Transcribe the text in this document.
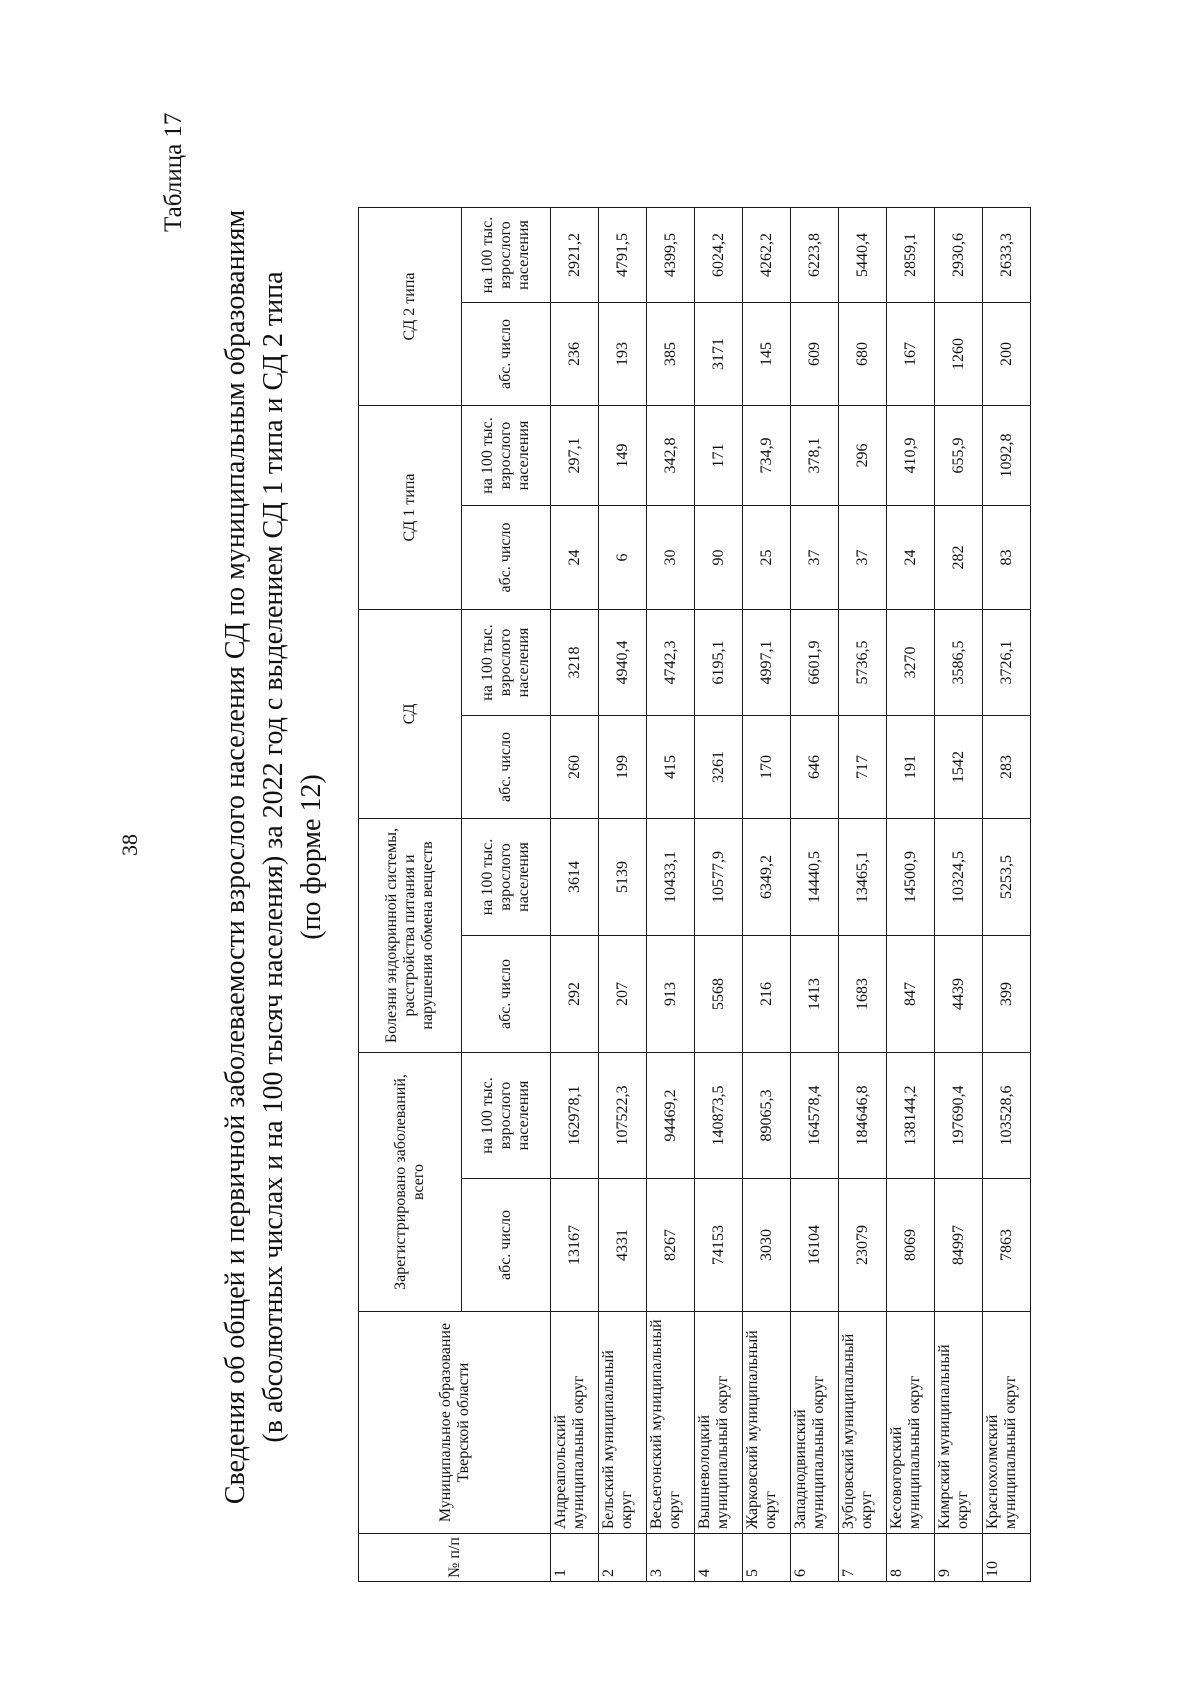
38
Таблица 17
Сведения об общей и первичной заболеваемости взрослого населения СД по муниципальным образованиям (в абсолютных числах и на 100 тысяч населения) за 2022 год с выделением СД 1 типа и СД 2 типа (по форме 12)
№ п/п	Муниципальное образование Тверской области	Зарегистрировано заболеваний, всего		Болезни эндокринной системы, расстройства питания и нарушения обмена веществ		СД		СД 1 типа		СД 2 типа	
		абс. число	на 100 тыс. взрослого населения	абс. число	на 100 тыс. взрослого населения	абс. число	на 100 тыс. взрослого населения	абс. число	на 100 тыс. взрослого населения	абс. число	на 100 тыс. взрослого населения
1	Андреапольский муниципальный округ	13167	162978,1	292	3614	260	3218	24	297,1	236	2921,2
2	Бельский муниципальный округ	4331	107522,3	207	5139	199	4940,4	6	149	193	4791,5
3	Весьегонский муниципальный округ	8267	94469,2	913	10433,1	415	4742,3	30	342,8	385	4399,5
4	Вышневолоцкий муниципальный округ	74153	140873,5	5568	10577,9	3261	6195,1	90	171	3171	6024,2
5	Жарковский муниципальный округ	3030	89065,3	216	6349,2	170	4997,1	25	734,9	145	4262,2
6	Западнодвинский муниципальный округ	16104	164578,4	1413	14440,5	646	6601,9	37	378,1	609	6223,8
7	Зубцовский муниципальный округ	23079	184646,8	1683	13465,1	717	5736,5	37	296	680	5440,4
8	Кесовогорский муниципальный округ	8069	138144,2	847	14500,9	191	3270	24	410,9	167	2859,1
9	Кимрский муниципальный округ	84997	197690,4	4439	10324,5	1542	3586,5	282	655,9	1260	2930,6
10	Краснохолмский муниципальный округ	7863	103528,6	399	5253,5	283	3726,1	83	1092,8	200	2633,3
